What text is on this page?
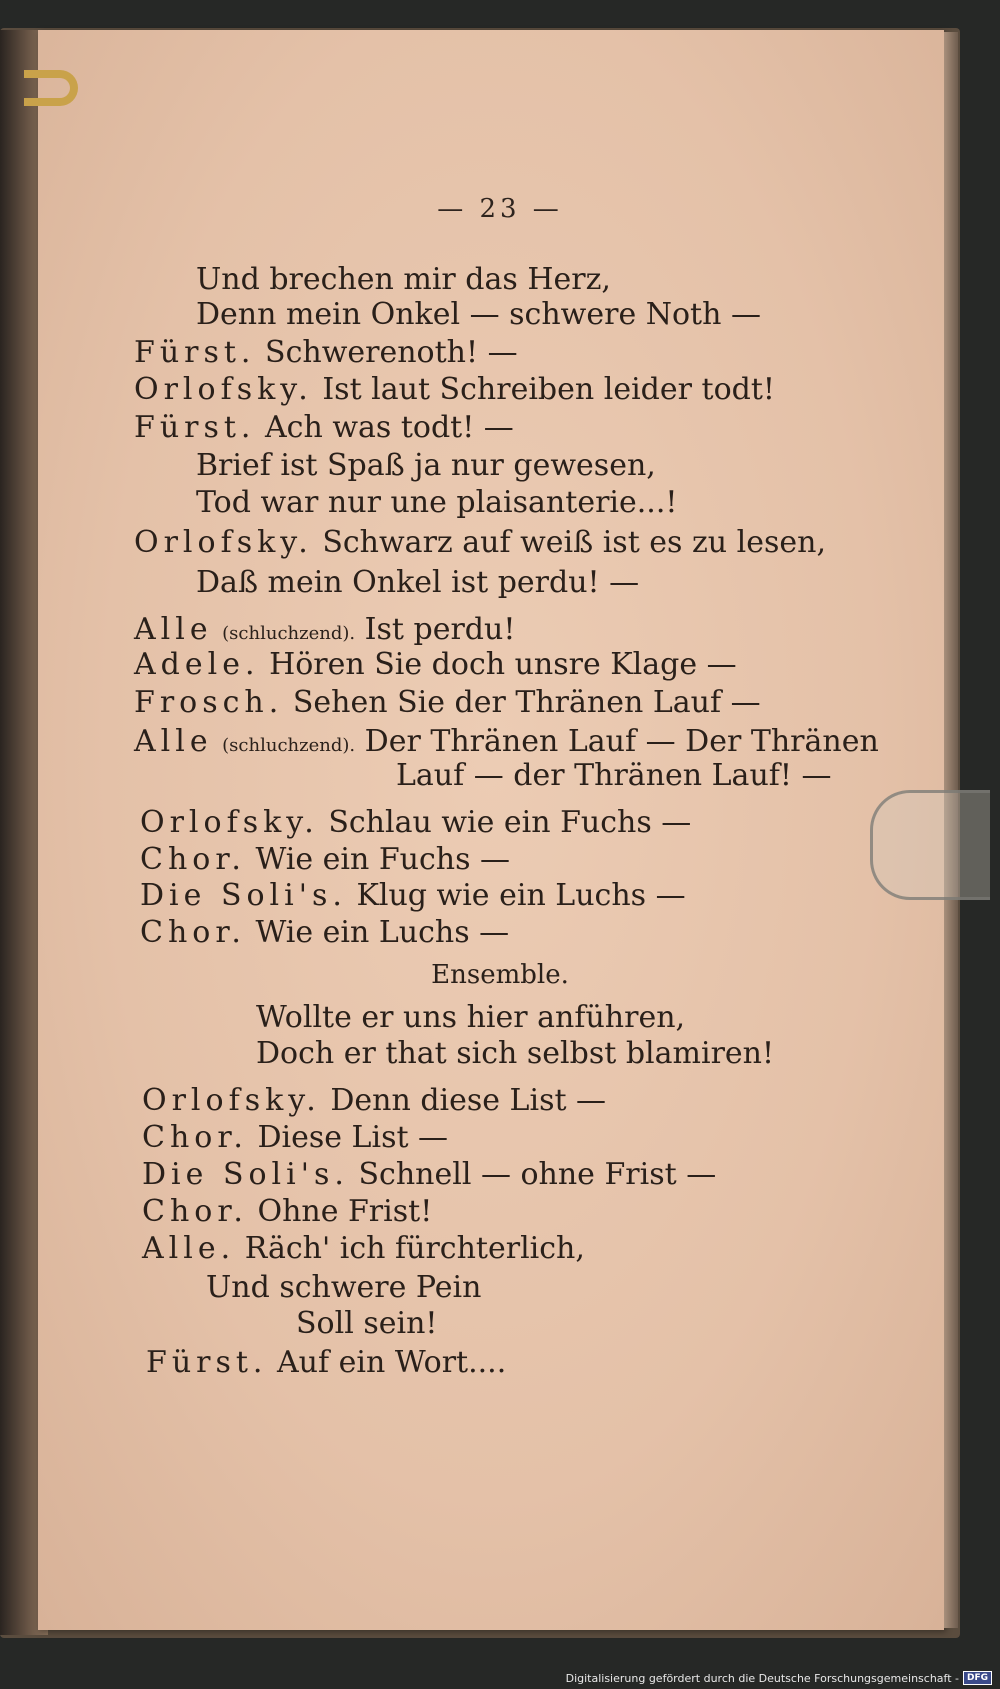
— 23 —
Und brechen mir das Herz,
Denn mein Onkel — schwere Noth —
Fürst. Schwerenoth! —
Orlofsky. Ist laut Schreiben leider todt!
Fürst. Ach was todt! —
Brief ist Spaß ja nur gewesen,
Tod war nur une plaisanterie...!
Orlofsky. Schwarz auf weiß ist es zu lesen,
Daß mein Onkel ist perdu! —
Alle (schluchzend). Ist perdu!
Adele. Hören Sie doch unsre Klage —
Frosch. Sehen Sie der Thränen Lauf —
Alle (schluchzend). Der Thränen Lauf — Der Thränen
Lauf — der Thränen Lauf! —
Orlofsky. Schlau wie ein Fuchs —
Chor. Wie ein Fuchs —
Die Soli's. Klug wie ein Luchs —
Chor. Wie ein Luchs —
Ensemble.
Wollte er uns hier anführen,
Doch er that sich selbst blamiren!
Orlofsky. Denn diese List —
Chor. Diese List —
Die Soli's. Schnell — ohne Frist —
Chor. Ohne Frist!
Alle. Räch' ich fürchterlich,
Und schwere Pein
Soll sein!
Fürst. Auf ein Wort....
Digitalisierung gefördert durch die Deutsche Forschungsgemeinschaft - DFG
